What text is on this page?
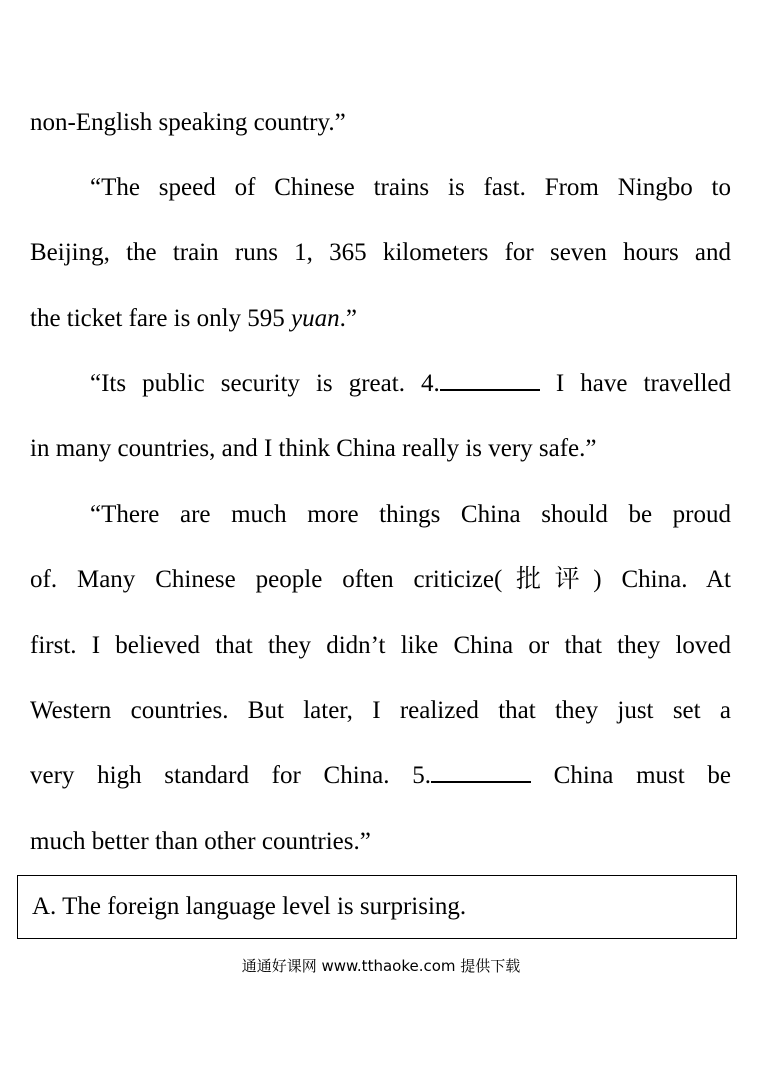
non-English speaking country.”
“The speed of Chinese trains is fast. From Ningbo to
Beijing, the train runs 1, 365 kilometers for seven hours and
the ticket fare is only 595 yuan.”
“Its public security is great. 4.	I have travelled
in many countries, and I think China really is very safe.”
“There are much more things China should be proud
of. Many Chinese people often criticize(批评) China. At
first. I believed that they didn’t like China or that they loved
Western countries. But later, I realized that they just set a
very high standard for China. 5.	China must be
much better than other countries.”
A. The foreign language level is surprising.
通通好课网 www.tthaoke.com 提供下载
